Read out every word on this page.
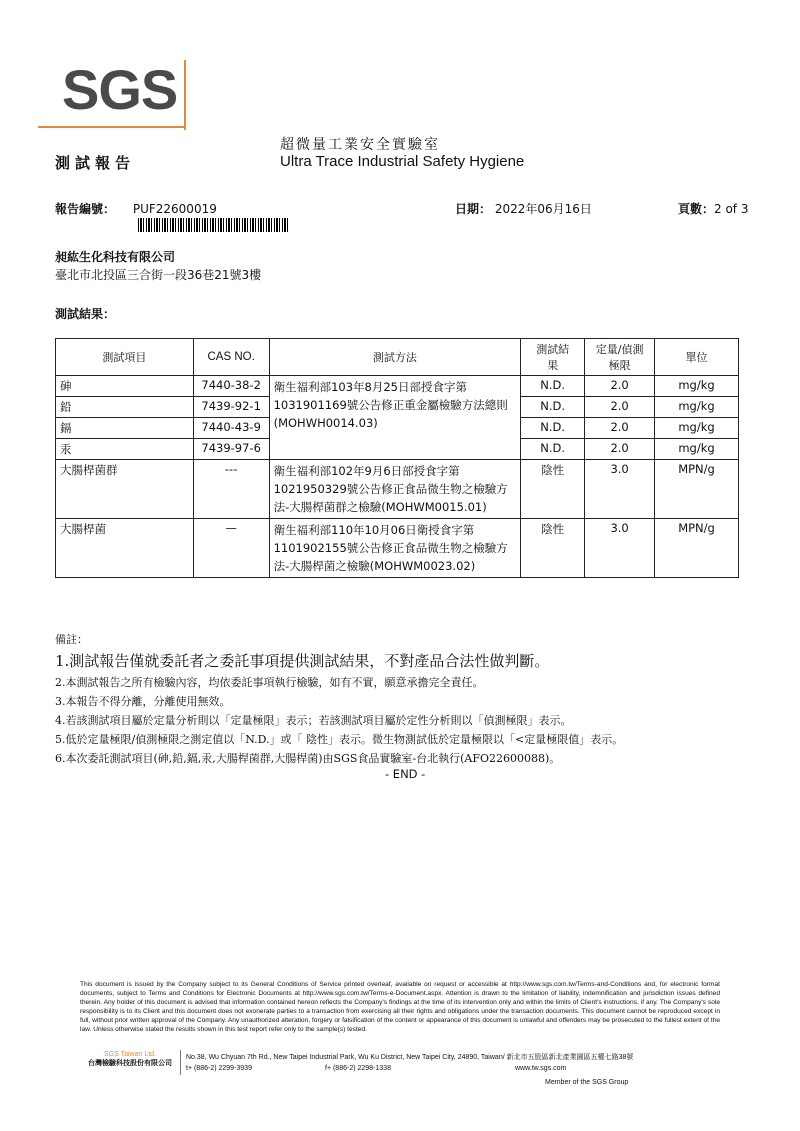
SGS
超微量工業安全實驗室
Ultra Trace Industrial Safety Hygiene
測試報告
報告編號： PUF22600019	日期： 2022年06月16日	頁數：2 of 3
昶紘生化科技有限公司
臺北市北投區三合街一段36巷21號3樓
測試結果：
測試項目	CAS NO.	測試方法	測試結果	定量/偵測極限	單位
砷	7440-38-2	衛生福利部103年8月25日部授食字第1031901169號公告修正重金屬檢驗方法總則(MOHWH0014.03)	N.D.	2.0	mg/kg
鉛	7439-92-1		N.D.	2.0	mg/kg
鎘	7440-43-9		N.D.	2.0	mg/kg
汞	7439-97-6		N.D.	2.0	mg/kg
大腸桿菌群	---	衛生福利部102年9月6日部授食字第1021950329號公告修正食品微生物之檢驗方法-大腸桿菌群之檢驗(MOHWM0015.01)	陰性	3.0	MPN/g
大腸桿菌	—	衛生福利部110年10月06日衛授食字第1101902155號公告修正食品微生物之檢驗方法-大腸桿菌之檢驗(MOHWM0023.02)	陰性	3.0	MPN/g
備註：
1.測試報告僅就委託者之委託事項提供測試結果，不對產品合法性做判斷。
2.本測試報告之所有檢驗內容，均依委託事項執行檢驗，如有不實，願意承擔完全責任。
3.本報告不得分離，分離使用無效。
4.若該測試項目屬於定量分析則以「定量極限」表示；若該測試項目屬於定性分析則以「偵測極限」表示。
5.低於定量極限/偵測極限之測定值以「N.D.」或「 陰性」表示。微生物測試低於定量極限以「<定量極限值」表示。
6.本次委託測試項目(砷,鉛,鎘,汞,大腸桿菌群,大腸桿菌)由SGS食品實驗室-台北執行(AFO22600088)。
- END -
This document is issued by the Company subject to its General Conditions of Service printed overleaf, available on request or accessible at http://www.sgs.com.tw/Terms-and-Conditions and, for electronic format documents, subject to Terms and Conditions for Electronic Documents at http://www.sgs.com.tw/Terms-e-Document.aspx. Attention is drawn to the limitation of liability, indemnification and jurisdiction issues defined therein. Any holder of this document is advised that information contained hereon reflects the Company's findings at the time of its intervention only and within the limits of Client's instructions, if any. The Company's sole responsibility is to its Client and this document does not exonerate parties to a transaction from exercising all their rights and obligations under the transaction documents. This document cannot be reproduced except in full, without prior written approval of the Company. Any unauthorized alteration, forgery or falsification of the content or appearance of this document is unlawful and offenders may be prosecuted to the fullest extent of the law. Unless otherwise stated the results shown in this test report refer only to the sample(s) tested.
SGS Taiwan Ltd.
台灣檢驗科技股份有限公司
No.38, Wu Chyuan 7th Rd., New Taipei Industrial Park, Wu Ku District, New Taipei City, 24890, Taiwan/ 新北市五股區新北產業園區五權七路38號
t+ (886-2) 2299-3939	f+ (886-2) 2298-1338	www.tw.sgs.com
Member of the SGS Group
